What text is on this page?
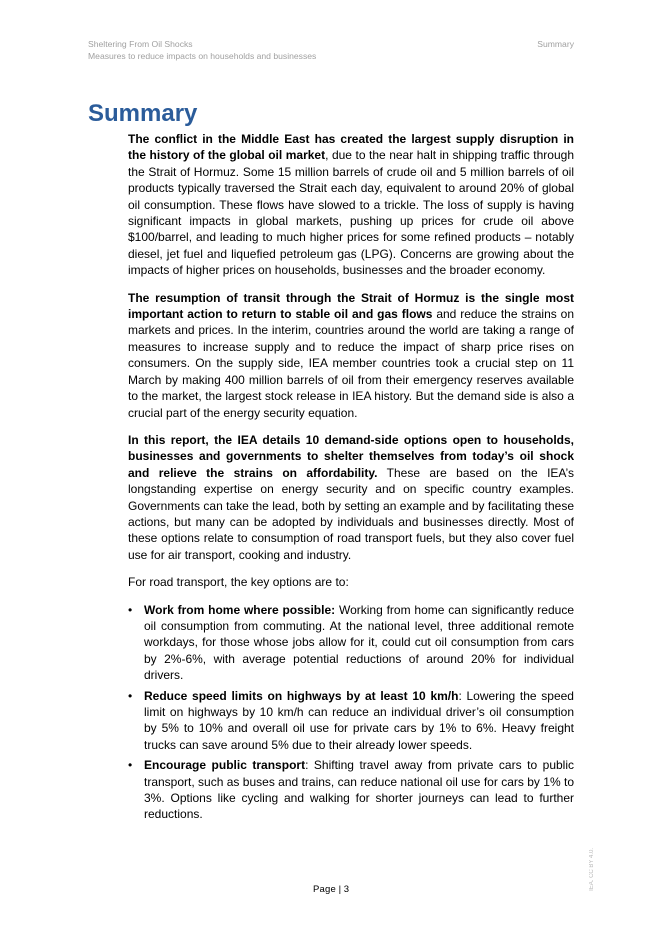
Sheltering From Oil Shocks
Measures to reduce impacts on households and businesses
Summary
Summary

The conflict in the Middle East has created the largest supply disruption in the history of the global oil market, due to the near halt in shipping traffic through the Strait of Hormuz. Some 15 million barrels of crude oil and 5 million barrels of oil products typically traversed the Strait each day, equivalent to around 20% of global oil consumption. These flows have slowed to a trickle. The loss of supply is having significant impacts in global markets, pushing up prices for crude oil above $100/barrel, and leading to much higher prices for some refined products – notably diesel, jet fuel and liquefied petroleum gas (LPG). Concerns are growing about the impacts of higher prices on households, businesses and the broader economy.

The resumption of transit through the Strait of Hormuz is the single most important action to return to stable oil and gas flows and reduce the strains on markets and prices. In the interim, countries around the world are taking a range of measures to increase supply and to reduce the impact of sharp price rises on consumers. On the supply side, IEA member countries took a crucial step on 11 March by making 400 million barrels of oil from their emergency reserves available to the market, the largest stock release in IEA history. But the demand side is also a crucial part of the energy security equation.

In this report, the IEA details 10 demand-side options open to households, businesses and governments to shelter themselves from today’s oil shock and relieve the strains on affordability. These are based on the IEA’s longstanding expertise on energy security and on specific country examples. Governments can take the lead, both by setting an example and by facilitating these actions, but many can be adopted by individuals and businesses directly. Most of these options relate to consumption of road transport fuels, but they also cover fuel use for air transport, cooking and industry.

For road transport, the key options are to:

• Work from home where possible: Working from home can significantly reduce oil consumption from commuting. At the national level, three additional remote workdays, for those whose jobs allow for it, could cut oil consumption from cars by 2%-6%, with average potential reductions of around 20% for individual drivers.
• Reduce speed limits on highways by at least 10 km/h: Lowering the speed limit on highways by 10 km/h can reduce an individual driver’s oil consumption by 5% to 10% and overall oil use for private cars by 1% to 6%. Heavy freight trucks can save around 5% due to their already lower speeds.
• Encourage public transport: Shifting travel away from private cars to public transport, such as buses and trains, can reduce national oil use for cars by 1% to 3%. Options like cycling and walking for shorter journeys can lead to further reductions.
IEA. CC BY 4.0.
Page | 3
